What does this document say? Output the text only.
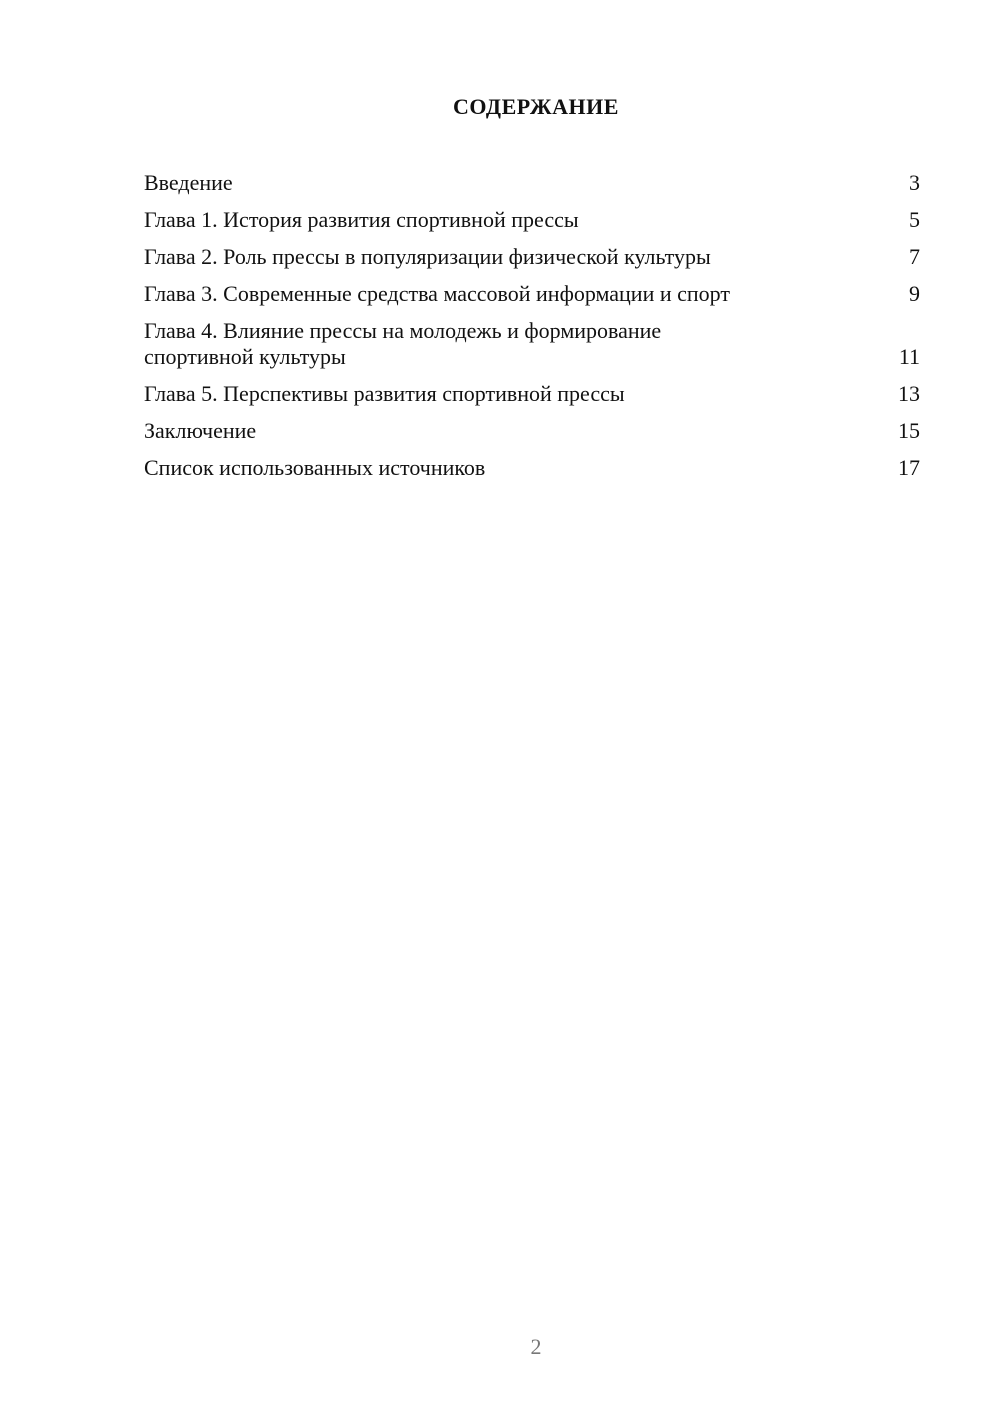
СОДЕРЖАНИЕ
Введение	3
Глава 1. История развития спортивной прессы	5
Глава 2. Роль прессы в популяризации физической культуры	7
Глава 3. Современные средства массовой информации и спорт	9
Глава 4. Влияние прессы на молодежь и формирование
спортивной культуры	11
Глава 5. Перспективы развития спортивной прессы	13
Заключение	15
Список использованных источников	17
2
